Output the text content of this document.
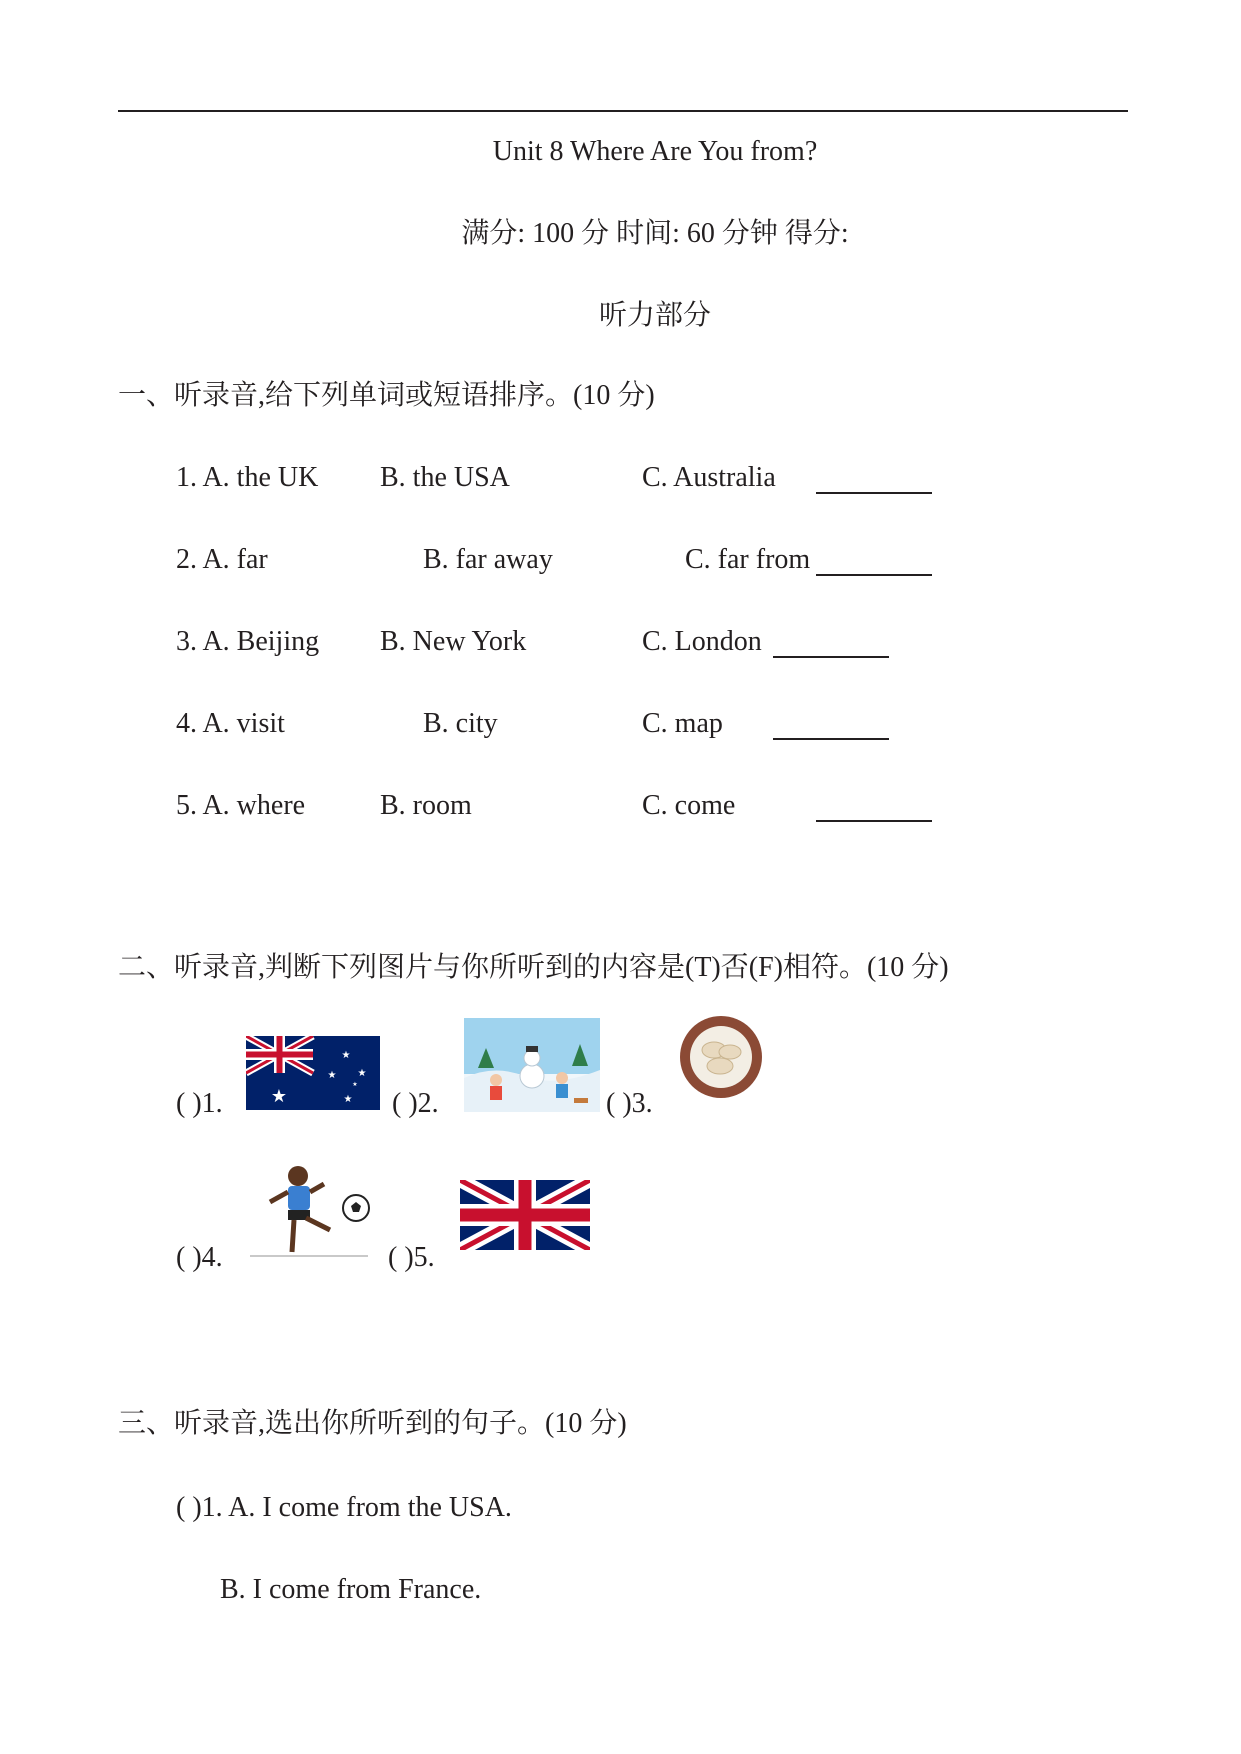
Unit 8 Where Are You from?
满分: 100 分 时间: 60 分钟 得分:
听力部分
一、听录音,给下列单词或短语排序。(10 分)
1. A. the UK B. the USA	C. Australia
2. A. far	B. far away	C. far from
3. A. Beijing B. New York	C. London
4. A. visit	B. city	C. map
5. A. where	B. room	C. come
二、听录音,判断下列图片与你所听到的内容是(T)否(F)相符。(10 分)
( )1.	★
★
★ ★
★
★
( )2.	( )3.
( )4.	( )5.
三、听录音,选出你所听到的句子。(10 分)
( )1. A. I come from the USA.
B. I come from France.
